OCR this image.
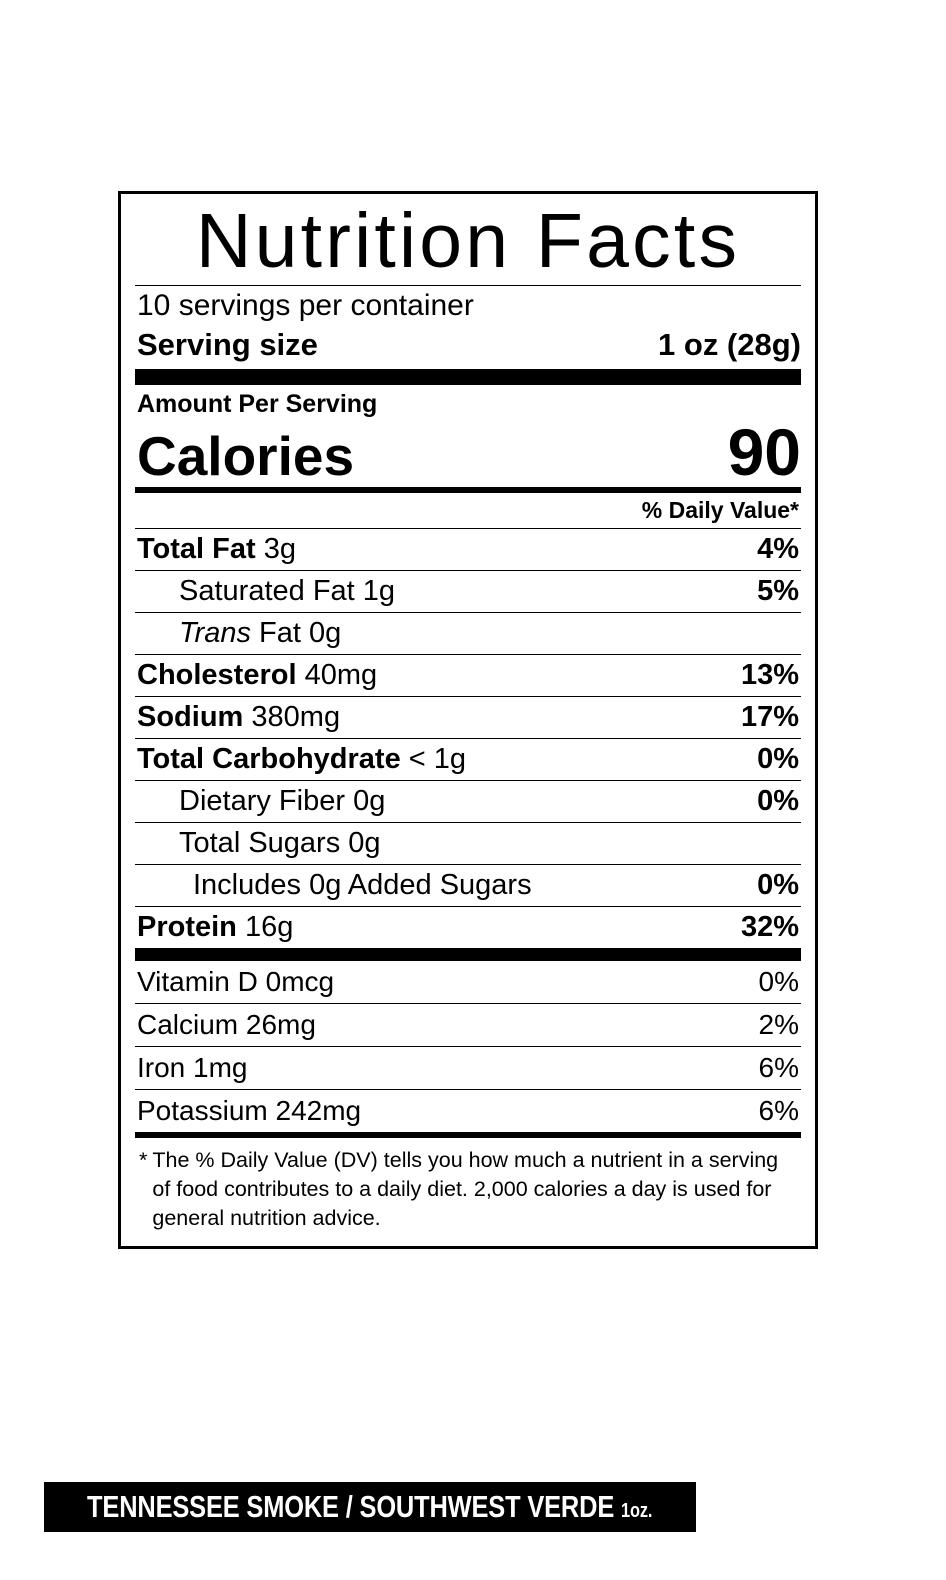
Nutrition Facts
10 servings per container
Serving size	1 oz (28g)
Amount Per Serving
Calories	90
% Daily Value*
Total Fat 3g	4%
Saturated Fat 1g	5%
Trans Fat 0g
Cholesterol 40mg	13%
Sodium 380mg	17%
Total Carbohydrate < 1g	0%
Dietary Fiber 0g	0%
Total Sugars 0g
Includes 0g Added Sugars	0%
Protein 16g	32%
Vitamin D 0mcg	0%
Calcium 26mg	2%
Iron 1mg	6%
Potassium 242mg	6%
* The % Daily Value (DV) tells you how much a nutrient in a serving of food contributes to a daily diet. 2,000 calories a day is used for general nutrition advice.
TENNESSEE SMOKE / SOUTHWEST VERDE 1oz.
